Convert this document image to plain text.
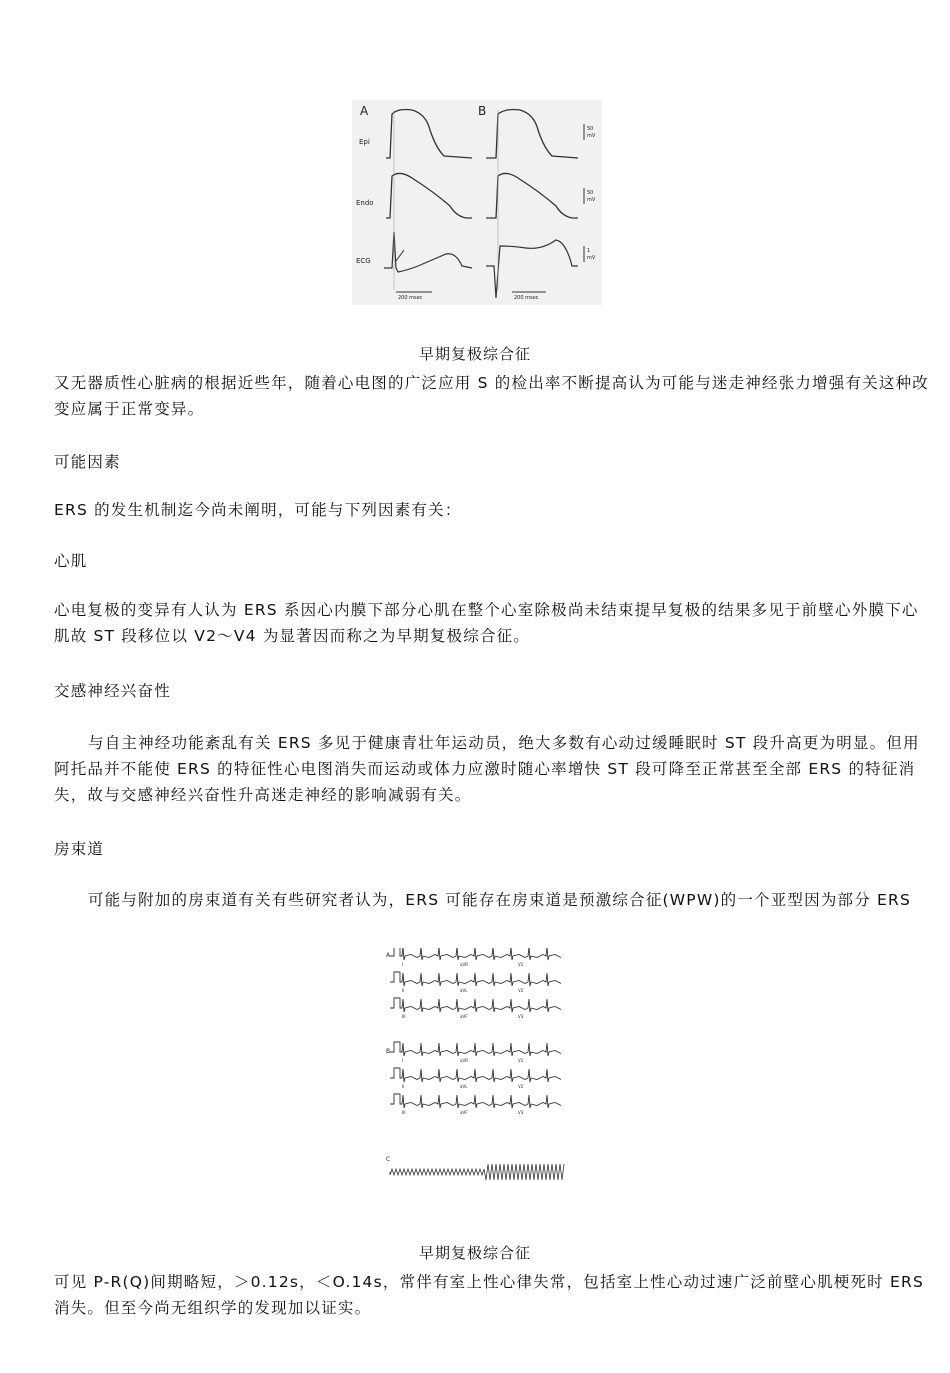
A	B
Epi
Endo
ECG
200 msec	200 msec
50
mV
50
mV
1
mV
早期复极综合征

又无器质性心脏病的根据近些年，随着心电图的广泛应用 S 的检出率不断提高认为可能与迷走神经张力增强有关这种改变应属于正常变异。

可能因素

ERS 的发生机制迄今尚未阐明，可能与下列因素有关：

心肌

心电复极的变异有人认为 ERS 系因心内膜下部分心肌在整个心室除极尚未结束提早复极的结果多见于前壁心外膜下心肌故 ST 段移位以 V2～V4 为显著因而称之为早期复极综合征。

交感神经兴奋性

与自主神经功能紊乱有关 ERS 多见于健康青壮年运动员，绝大多数有心动过缓睡眠时 ST 段升高更为明显。但用阿托品并不能使 ERS 的特征性心电图消失而运动或体力应激时随心率增快 ST 段可降至正常甚至全部 ERS 的特征消失，故与交感神经兴奋性升高迷走神经的影响减弱有关。

房束道

可能与附加的房束道有关有些研究者认为，ERS 可能存在房束道是预激综合征(WPW)的一个亚型因为部分 ERS

A
B
C
I	aVR	V1
II	aVL	V2
III	aVF	V3
I	aVR	V1
II	aVL	V2
III	aVF	V3
早期复极综合征

可见 P-R(Q)间期略短，＞0.12s，＜O.14s，常伴有室上性心律失常，包括室上性心动过速广泛前壁心肌梗死时 ERS 消失。但至今尚无组织学的发现加以证实。
